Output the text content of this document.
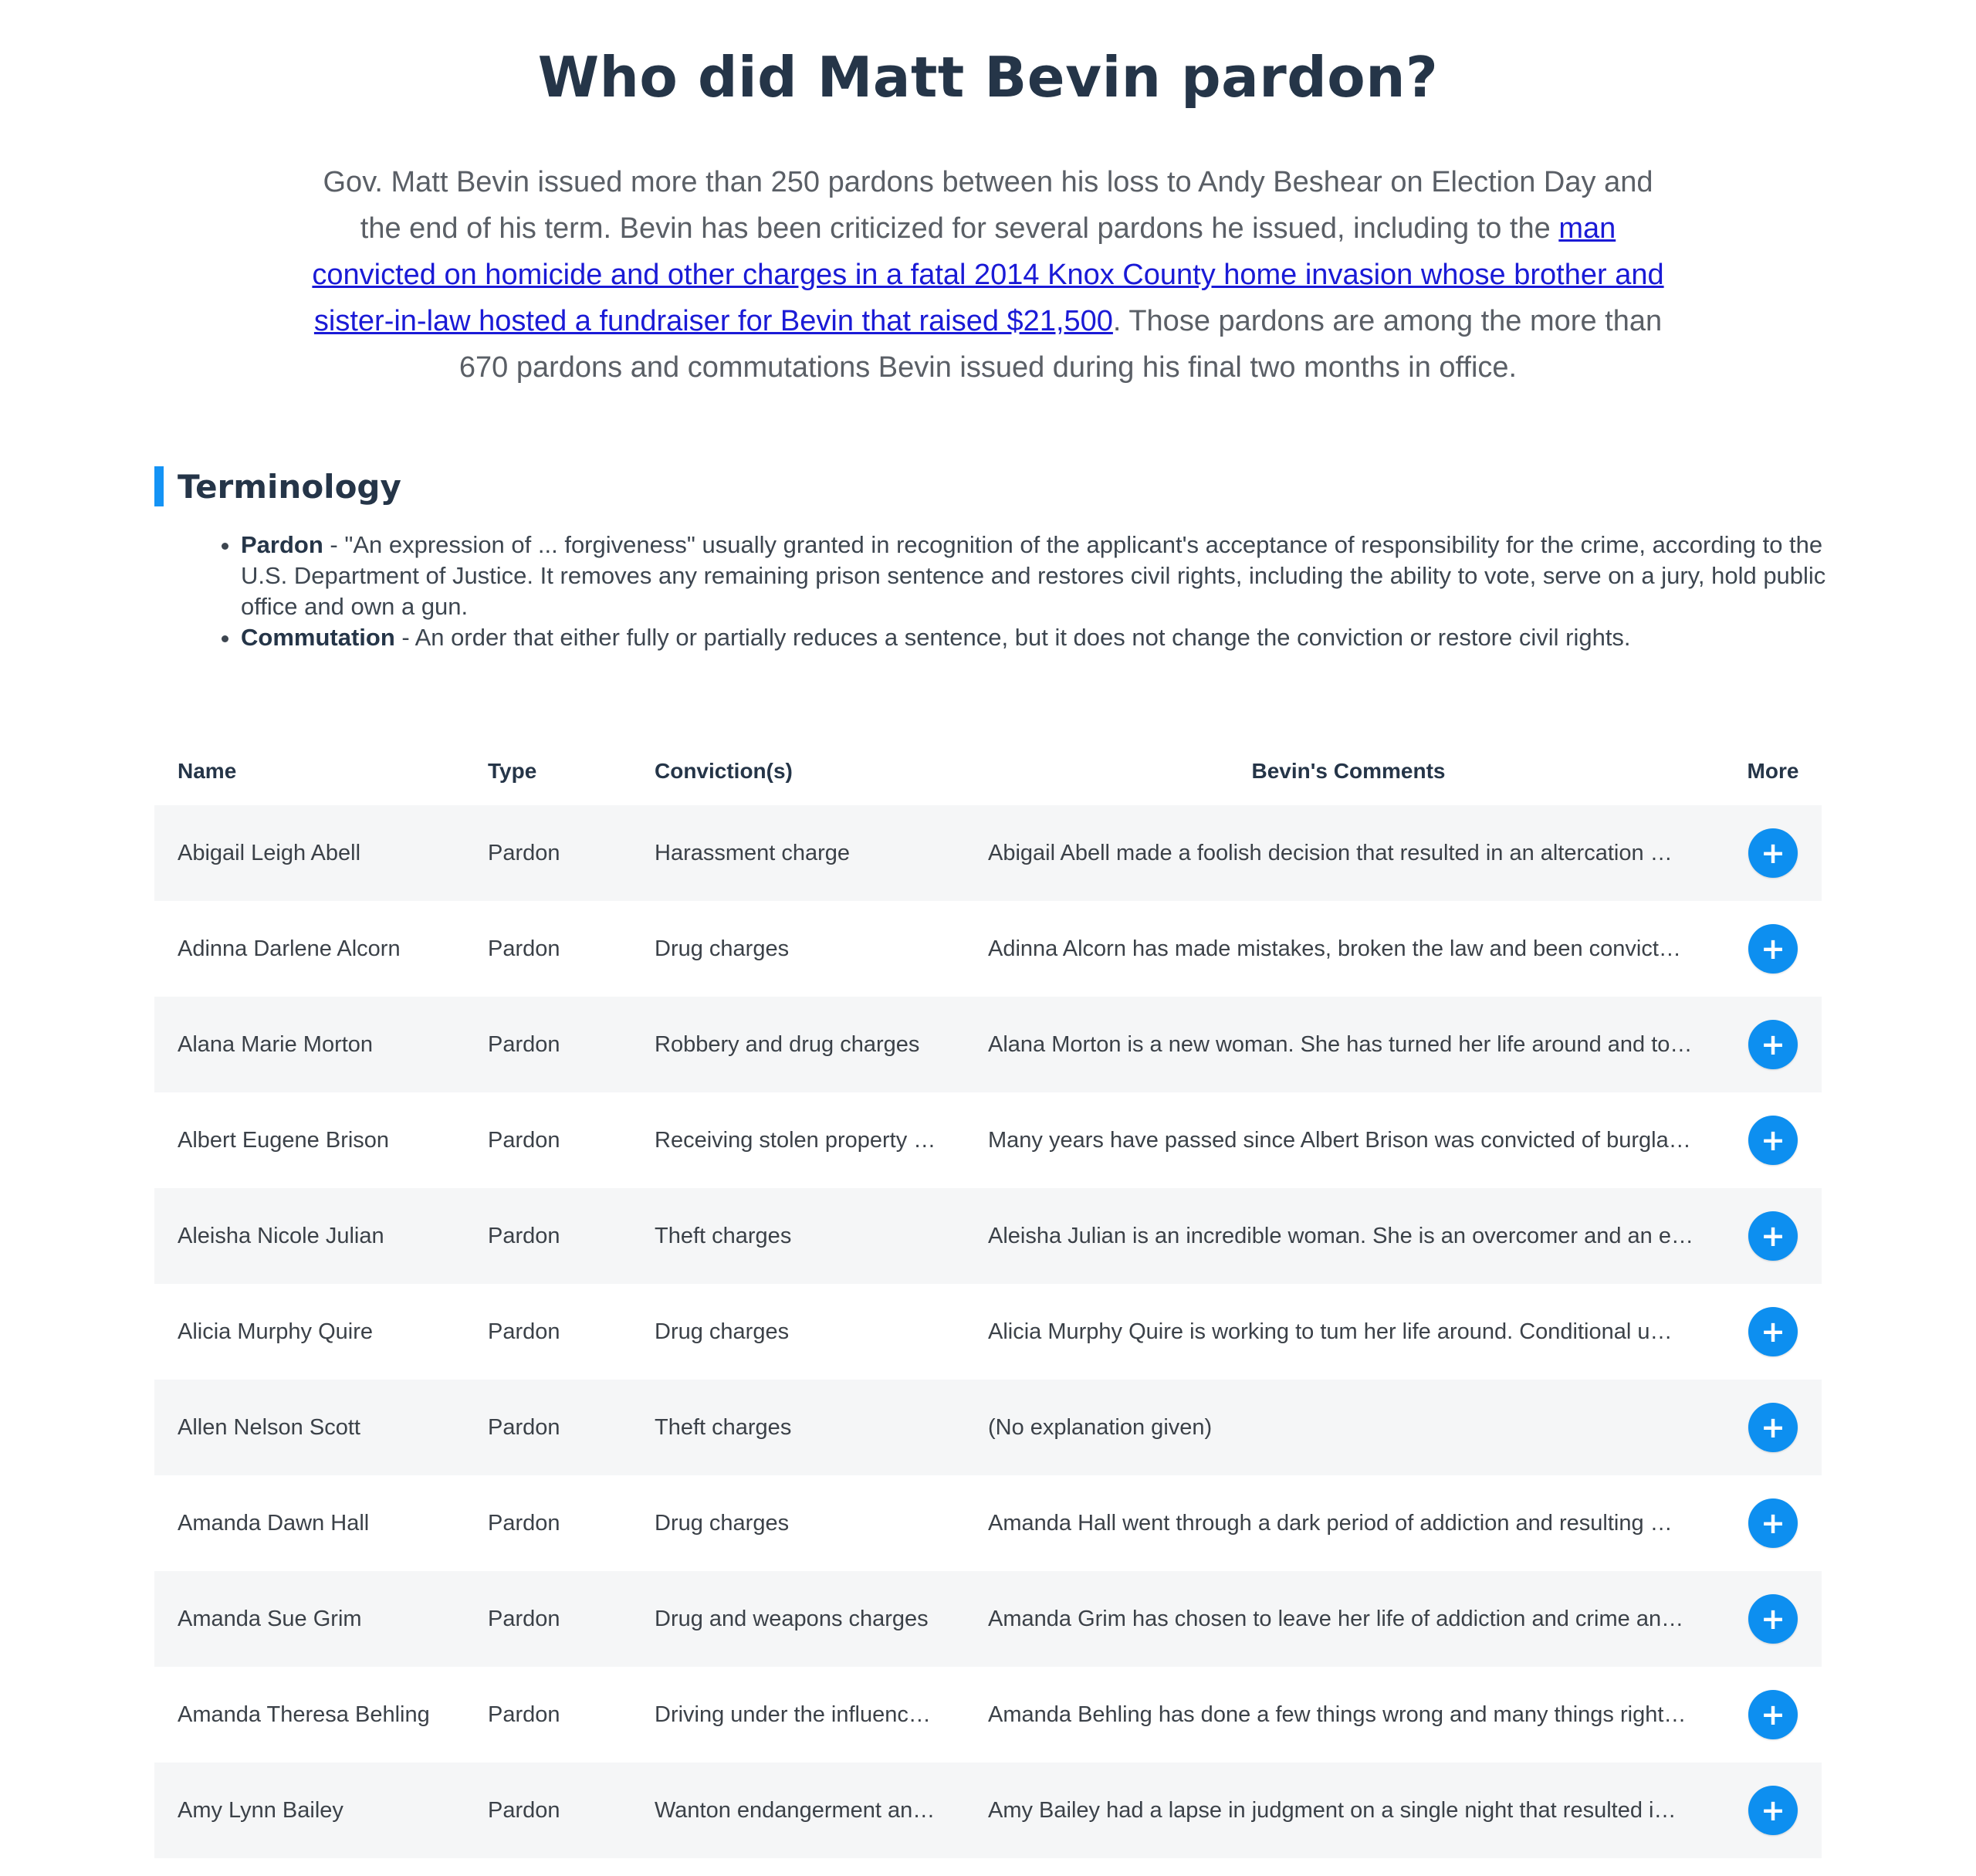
Who did Matt Bevin pardon?

Gov. Matt Bevin issued more than 250 pardons between his loss to Andy Beshear on Election Day and the end of his term. Bevin has been criticized for several pardons he issued, including to the man convicted on homicide and other charges in a fatal 2014 Knox County home invasion whose brother and sister-in-law hosted a fundraiser for Bevin that raised $21,500. Those pardons are among the more than 670 pardons and commutations Bevin issued during his final two months in office.

Terminology
• Pardon - "An expression of ... forgiveness" usually granted in recognition of the applicant's acceptance of responsibility for the crime, according to the U.S. Department of Justice. It removes any remaining prison sentence and restores civil rights, including the ability to vote, serve on a jury, hold public office and own a gun.
• Commutation - An order that either fully or partially reduces a sentence, but it does not change the conviction or restore civil rights.
Name	Type	Conviction(s)	Bevin's Comments	More
Abigail Leigh Abell	Pardon	Harassment charge	Abigail Abell made a foolish decision that resulted in an altercation …	+
Adinna Darlene Alcorn	Pardon	Drug charges	Adinna Alcorn has made mistakes, broken the law and been convict…	+
Alana Marie Morton	Pardon	Robbery and drug charges	Alana Morton is a new woman. She has turned her life around and to…	+
Albert Eugene Brison	Pardon	Receiving stolen property …	Many years have passed since Albert Brison was convicted of burgla…	+
Aleisha Nicole Julian	Pardon	Theft charges	Aleisha Julian is an incredible woman. She is an overcomer and an e…	+
Alicia Murphy Quire	Pardon	Drug charges	Alicia Murphy Quire is working to tum her life around. Conditional u…	+
Allen Nelson Scott	Pardon	Theft charges	(No explanation given)	+
Amanda Dawn Hall	Pardon	Drug charges	Amanda Hall went through a dark period of addiction and resulting …	+
Amanda Sue Grim	Pardon	Drug and weapons charges	Amanda Grim has chosen to leave her life of addiction and crime an…	+
Amanda Theresa Behling	Pardon	Driving under the influenc…	Amanda Behling has done a few things wrong and many things right…	+
Amy Lynn Bailey	Pardon	Wanton endangerment an…	Amy Bailey had a lapse in judgment on a single night that resulted i…	+
